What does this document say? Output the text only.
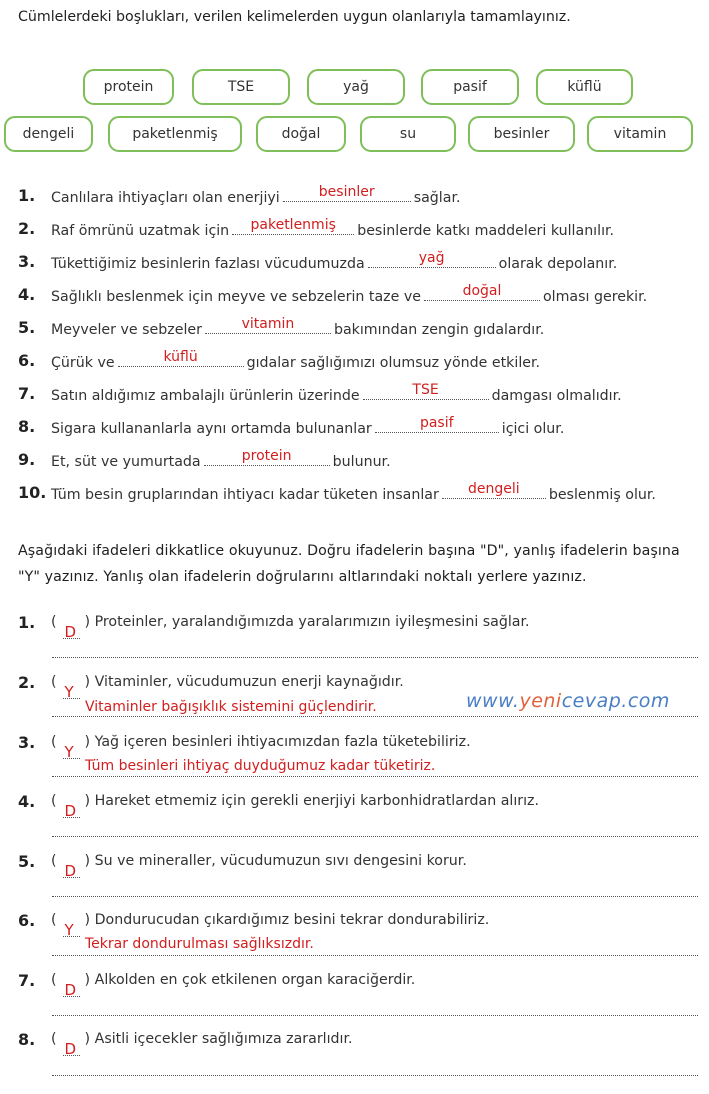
Cümlelerdeki boşlukları, verilen kelimelerden uygun olanlarıyla tamamlayınız.
protein	TSE	yağ	pasif	küflü
dengeli	paketlenmiş	doğal	su	besinler	vitamin
1. Canlılara ihtiyaçları olan enerjiyi	besinler	sağlar.
2. Raf ömrünü uzatmak için	paketlenmiş	besinlerde katkı maddeleri kullanılır.
3. Tükettiğimiz besinlerin fazlası vücudumuzda	yağ	olarak depolanır.
4. Sağlıklı beslenmek için meyve ve sebzelerin taze ve	doğal	olması gerekir.
5. Meyveler ve sebzeler	vitamin	bakımından zengin gıdalardır.
6. Çürük ve	küflü	gıdalar sağlığımızı olumsuz yönde etkiler.
7. Satın aldığımız ambalajlı ürünlerin üzerinde	TSE	damgası olmalıdır.
8. Sigara kullananlarla aynı ortamda bulunanlar	pasif	içici olur.
9. Et, süt ve yumurtada	protein	bulunur.
10. Tüm besin gruplarından ihtiyacı kadar tüketen insanlar	dengeli	beslenmiş olur.
Aşağıdaki ifadeleri dikkatlice okuyunuz. Doğru ifadelerin başına "D", yanlış ifadelerin başına "Y" yazınız. Yanlış olan ifadelerin doğrularını altlarındaki noktalı yerlere yazınız.
www.yenicevap.com
1. (
D
) Proteinler, yaralandığımızda yaralarımızın iyileşmesini sağlar.
2. (
Y
) Vitaminler, vücudumuzun enerji kaynağıdır.
Vitaminler bağışıklık sistemini güçlendirir.
3. (
Y
) Yağ içeren besinleri ihtiyacımızdan fazla tüketebiliriz.
Tüm besinleri ihtiyaç duyduğumuz kadar tüketiriz.
4. (
D
) Hareket etmemiz için gerekli enerjiyi karbonhidratlardan alırız.
5. (
D
) Su ve mineraller, vücudumuzun sıvı dengesini korur.
6. (
Y
) Dondurucudan çıkardığımız besini tekrar dondurabiliriz.
Tekrar dondurulması sağlıksızdır.
7. (
D
) Alkolden en çok etkilenen organ karaciğerdir.
8. (
D
) Asitli içecekler sağlığımıza zararlıdır.
